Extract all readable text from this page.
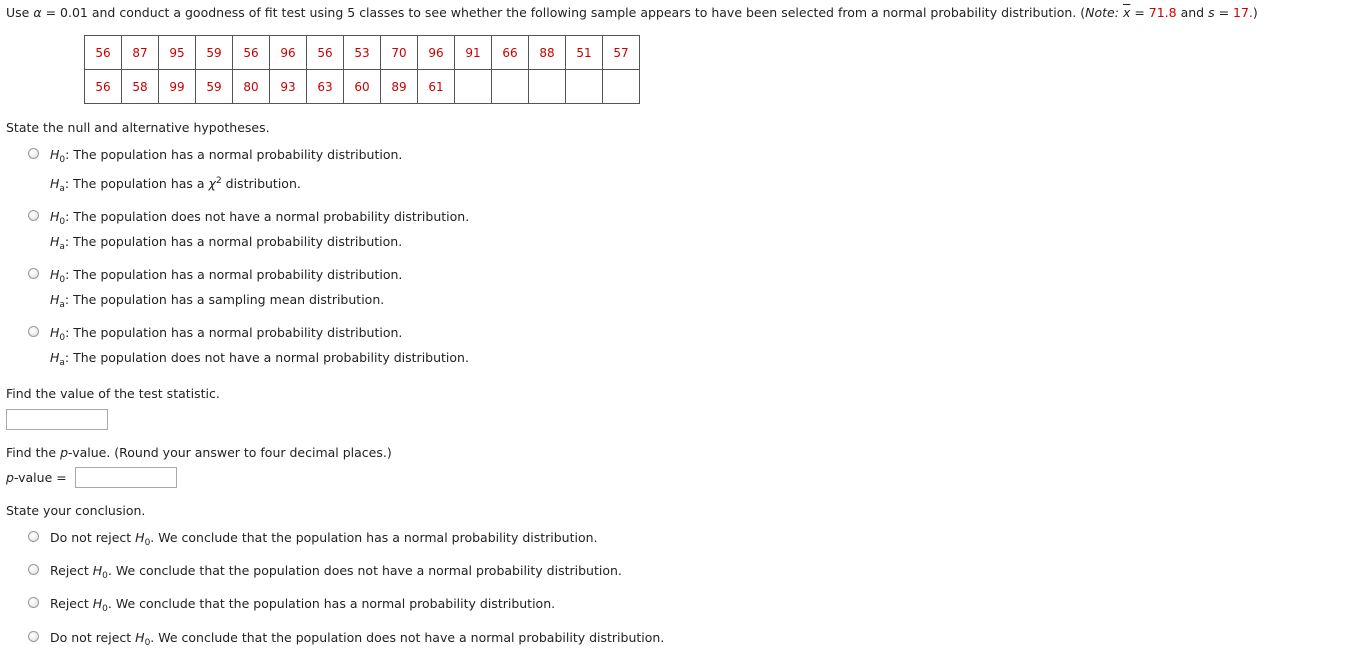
Use α = 0.01 and conduct a goodness of fit test using 5 classes to see whether the following sample appears to have been selected from a normal probability distribution. (Note: $\overline{x} = 71.8$ and s = 17.)
56	87	95	59	56	96	56	53	70	96	91	66	88	51	57
56	58	99	59	80	93	63	60	89	61					
State the null and alternative hypotheses.
$H_0$: The population has a normal probability distribution.
$H_a$: The population has a $\chi^2$ distribution.
$H_0$: The population does not have a normal probability distribution.
$H_a$: The population has a normal probability distribution.
$H_0$: The population has a normal probability distribution.
$H_a$: The population has a sampling mean distribution.
$H_0$: The population has a normal probability distribution.
$H_a$: The population does not have a normal probability distribution.
Find the value of the test statistic.
Find the p-value. (Round your answer to four decimal places.)
p-value =
State your conclusion.
Do not reject $H_0$. We conclude that the population has a normal probability distribution.
Reject $H_0$. We conclude that the population does not have a normal probability distribution.
Reject $H_0$. We conclude that the population has a normal probability distribution.
Do not reject $H_0$. We conclude that the population does not have a normal probability distribution.
